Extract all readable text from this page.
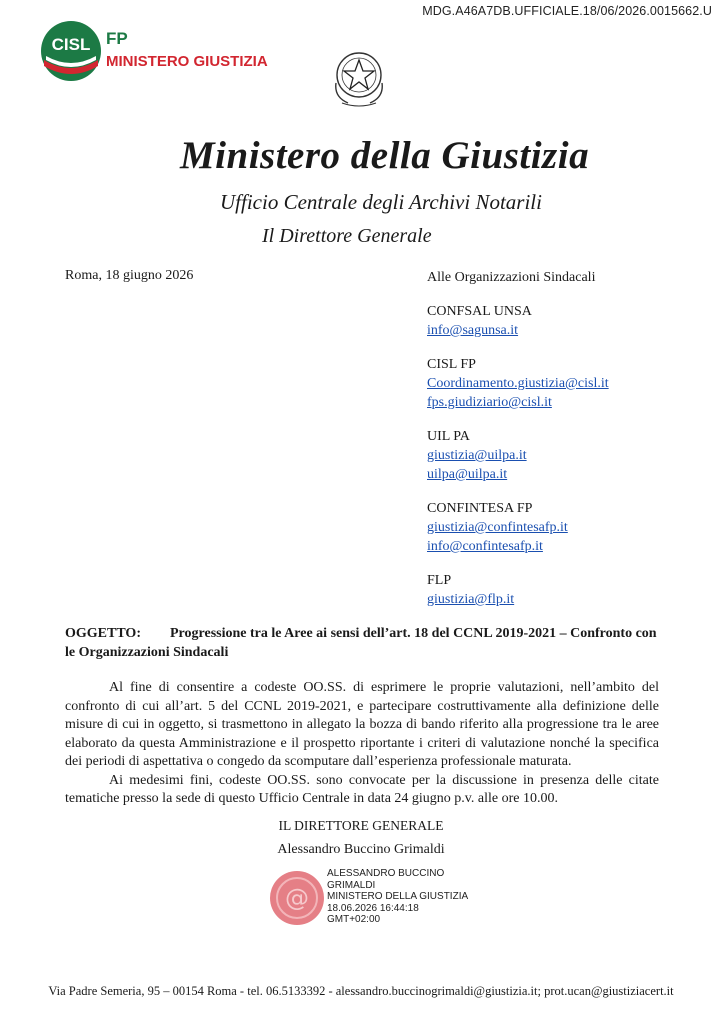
MDG.A46A7DB.UFFICIALE.18/06/2026.0015662.U
CISL FP
MINISTERO GIUSTIZIA
Ministero della Giustizia
Ufficio Centrale degli Archivi Notarili
Il Direttore Generale
Roma, 18 giugno 2026	Alle Organizzazioni Sindacali
CONFSAL UNSA
info@sagunsa.it
CISL FP
Coordinamento.giustizia@cisl.it
fps.giudiziario@cisl.it
UIL PA
giustizia@uilpa.it
uilpa@uilpa.it
CONFINTESA FP
giustizia@confintesafp.it
info@confintesafp.it
FLP
giustizia@flp.it
OGGETTO: Progressione tra le Aree ai sensi dell’art. 18 del CCNL 2019-2021 – Confronto con le Organizzazioni Sindacali

Al fine di consentire a codeste OO.SS. di esprimere le proprie valutazioni, nell’ambito del confronto di cui all’art. 5 del CCNL 2019-2021, e partecipare costruttivamente alla definizione delle misure di cui in oggetto, si trasmettono in allegato la bozza di bando riferito alla progressione tra le aree elaborato da questa Amministrazione e il prospetto riportante i criteri di valutazione nonché la specifica dei periodi di aspettativa o congedo da scomputare dall’esperienza professionale maturata.

Ai medesimi fini, codeste OO.SS. sono convocate per la discussione in presenza delle citate tematiche presso la sede di questo Ufficio Centrale in data 24 giugno p.v. alle ore 10.00.

IL DIRETTORE GENERALE
Alessandro Buccino Grimaldi
@
ALESSANDRO BUCCINO
GRIMALDI
MINISTERO DELLA GIUSTIZIA
18.06.2026 16:44:18
GMT+02:00
Via Padre Semeria, 95 – 00154 Roma - tel. 06.5133392 - alessandro.buccinogrimaldi@giustizia.it; prot.ucan@giustiziacert.it
